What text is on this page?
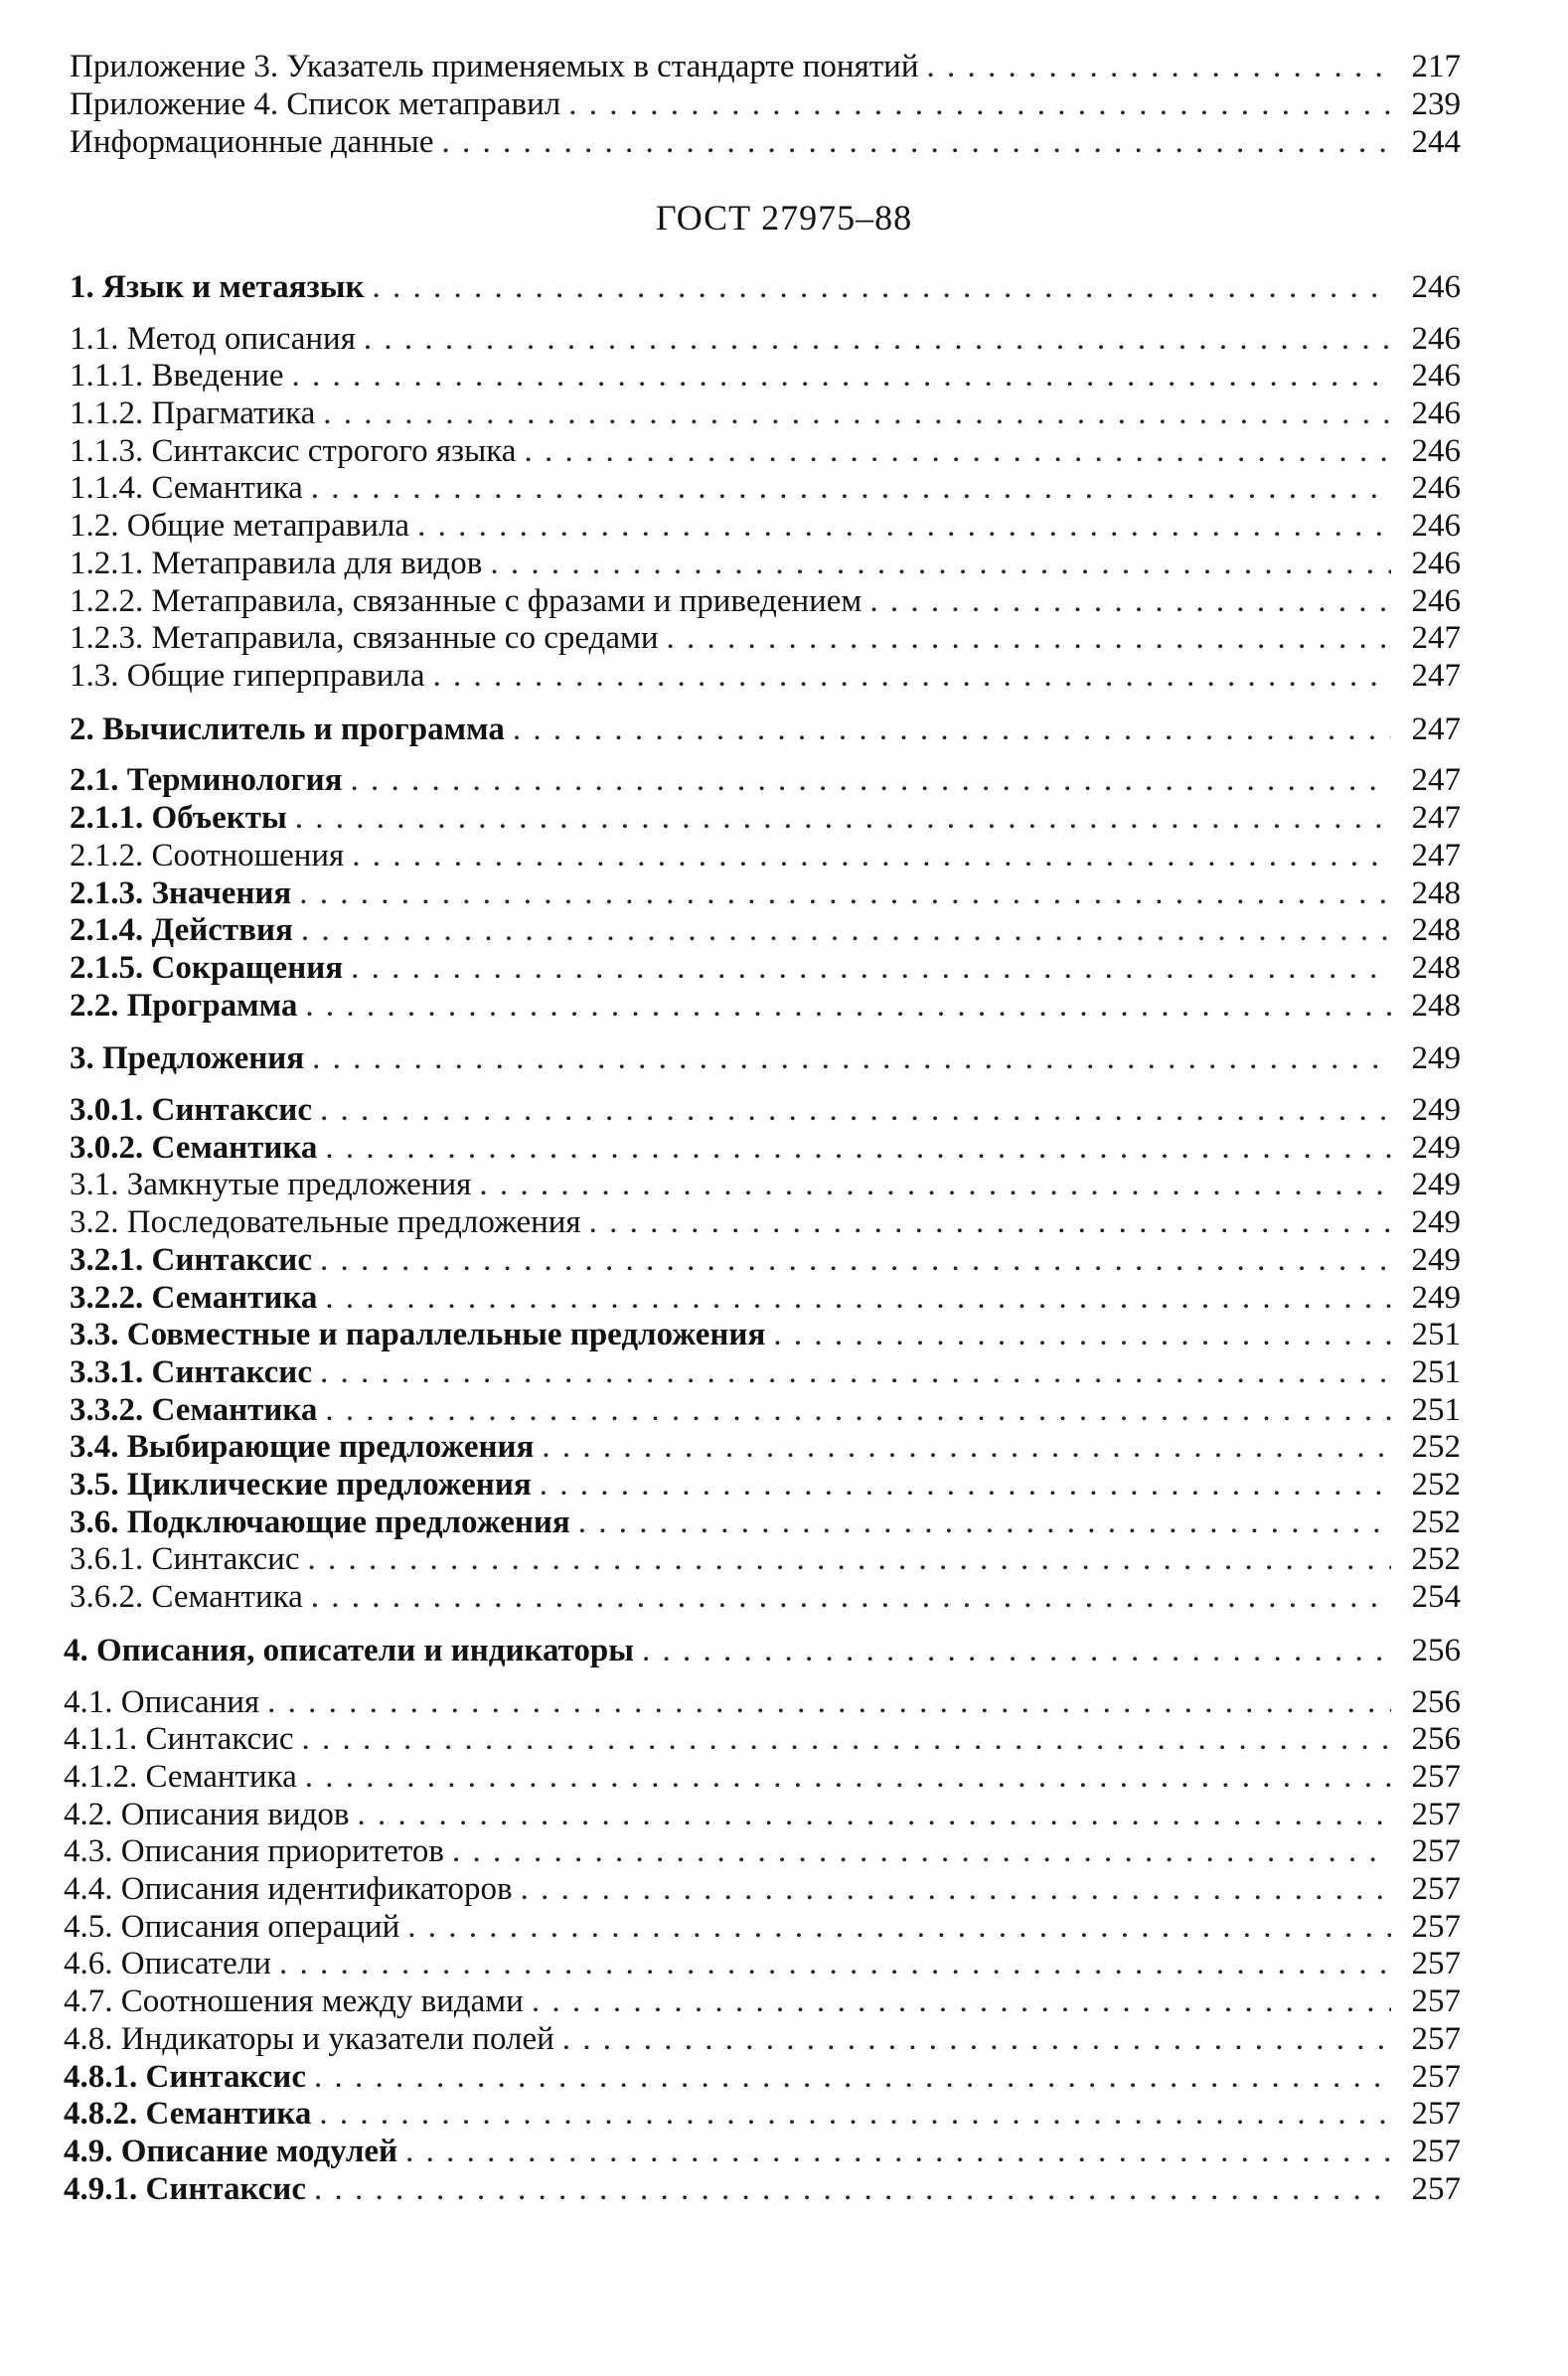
Приложение 3. Указатель применяемых в стандарте понятий . . .	217
Приложение 4. Список метаправил . . .	239
Информационные данные . . .	244
ГОСТ 27975–88
1. Язык и метаязык . . .	246
1.1. Метод описания . . .	246
1.1.1. Введение . . .	246
1.1.2. Прагматика . . .	246
1.1.3. Синтаксис строгого языка . . .	246
1.1.4. Семантика . . .	246
1.2. Общие метаправила . . .	246
1.2.1. Метаправила для видов . . .	246
1.2.2. Метаправила, связанные с фразами и приведением . . .	246
1.2.3. Метаправила, связанные со средами . . .	247
1.3. Общие гиперправила . . .	247
2. Вычислитель и программа . . .	247
2.1. Терминология . . .	247
2.1.1. Объекты . . .	247
2.1.2. Соотношения . . .	247
2.1.3. Значения . . .	248
2.1.4. Действия . . .	248
2.1.5. Сокращения . . .	248
2.2. Программа . . .	248
3. Предложения . . .	249
3.0.1. Синтаксис . . .	249
3.0.2. Семантика . . .	249
3.1. Замкнутые предложения . . .	249
3.2. Последовательные предложения . . .	249
3.2.1. Синтаксис . . .	249
3.2.2. Семантика . . .	249
3.3. Совместные и параллельные предложения . . .	251
3.3.1. Синтаксис . . .	251
3.3.2. Семантика . . .	251
3.4. Выбирающие предложения . . .	252
3.5. Циклические предложения . . .	252
3.6. Подключающие предложения . . .	252
3.6.1. Синтаксис . . .	252
3.6.2. Семантика . . .	254
4. Описания, описатели и индикаторы . . .	256
4.1. Описания . . .	256
4.1.1. Синтаксис . . .	256
4.1.2. Семантика . . .	257
4.2. Описания видов . . .	257
4.3. Описания приоритетов . . .	257
4.4. Описания идентификаторов . . .	257
4.5. Описания операций . . .	257
4.6. Описатели . . .	257
4.7. Соотношения между видами . . .	257
4.8. Индикаторы и указатели полей . . .	257
4.8.1. Синтаксис . . .	257
4.8.2. Семантика . . .	257
4.9. Описание модулей . . .	257
4.9.1. Синтаксис . . .	257
